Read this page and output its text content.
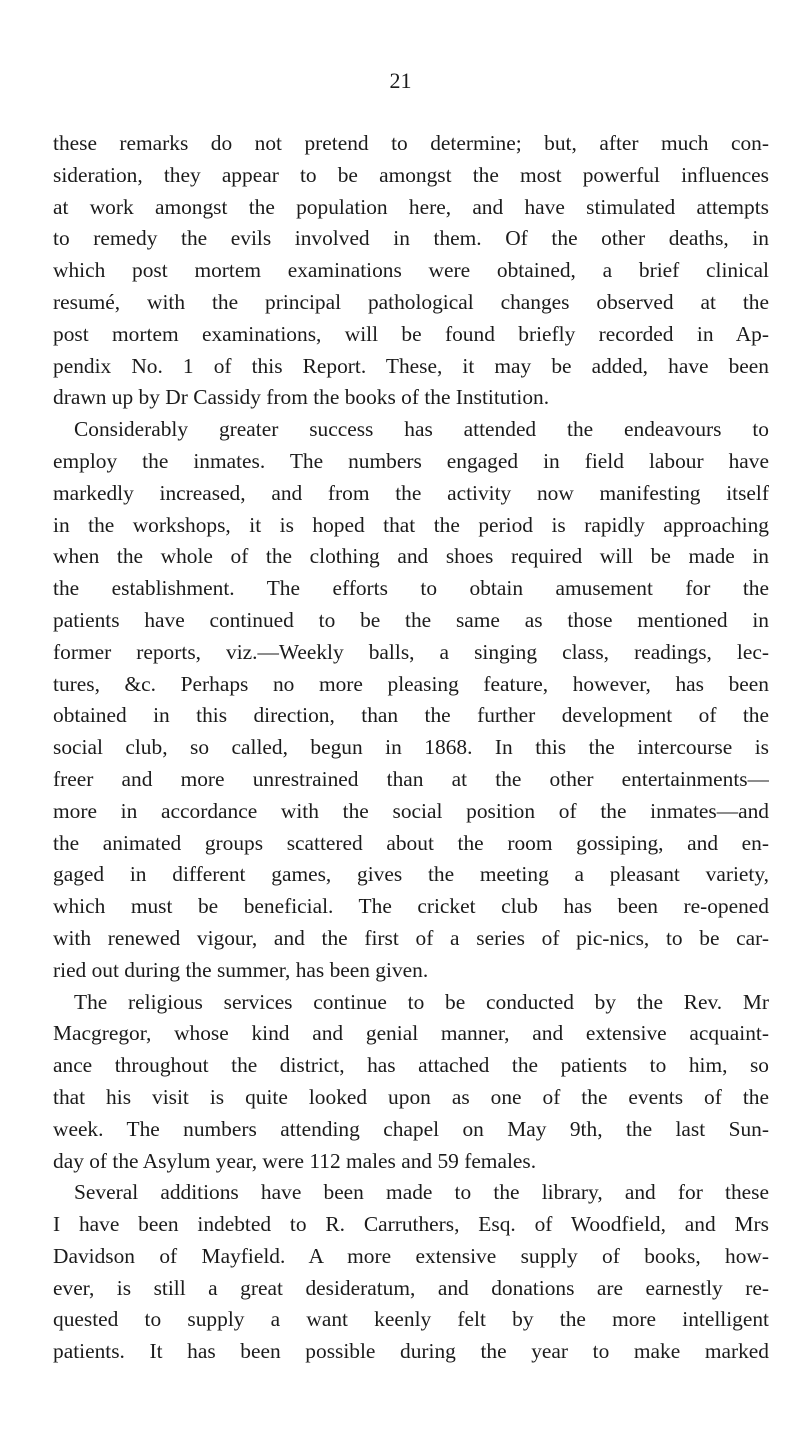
21
these remarks do not pretend to determine; but, after much con-
sideration, they appear to be amongst the most powerful influences
at work amongst the population here, and have stimulated attempts
to remedy the evils involved in them. Of the other deaths, in
which post mortem examinations were obtained, a brief clinical
resumé, with the principal pathological changes observed at the
post mortem examinations, will be found briefly recorded in Ap-
pendix No. 1 of this Report. These, it may be added, have been
drawn up by Dr Cassidy from the books of the Institution.
Considerably greater success has attended the endeavours to
employ the inmates. The numbers engaged in field labour have
markedly increased, and from the activity now manifesting itself
in the workshops, it is hoped that the period is rapidly approaching
when the whole of the clothing and shoes required will be made in
the establishment. The efforts to obtain amusement for the
patients have continued to be the same as those mentioned in
former reports, viz.—Weekly balls, a singing class, readings, lec-
tures, &c. Perhaps no more pleasing feature, however, has been
obtained in this direction, than the further development of the
social club, so called, begun in 1868. In this the intercourse is
freer and more unrestrained than at the other entertainments—
more in accordance with the social position of the inmates—and
the animated groups scattered about the room gossiping, and en-
gaged in different games, gives the meeting a pleasant variety,
which must be beneficial. The cricket club has been re-opened
with renewed vigour, and the first of a series of pic-nics, to be car-
ried out during the summer, has been given.
The religious services continue to be conducted by the Rev. Mr
Macgregor, whose kind and genial manner, and extensive acquaint-
ance throughout the district, has attached the patients to him, so
that his visit is quite looked upon as one of the events of the
week. The numbers attending chapel on May 9th, the last Sun-
day of the Asylum year, were 112 males and 59 females.
Several additions have been made to the library, and for these
I have been indebted to R. Carruthers, Esq. of Woodfield, and Mrs
Davidson of Mayfield. A more extensive supply of books, how-
ever, is still a great desideratum, and donations are earnestly re-
quested to supply a want keenly felt by the more intelligent
patients. It has been possible during the year to make marked
